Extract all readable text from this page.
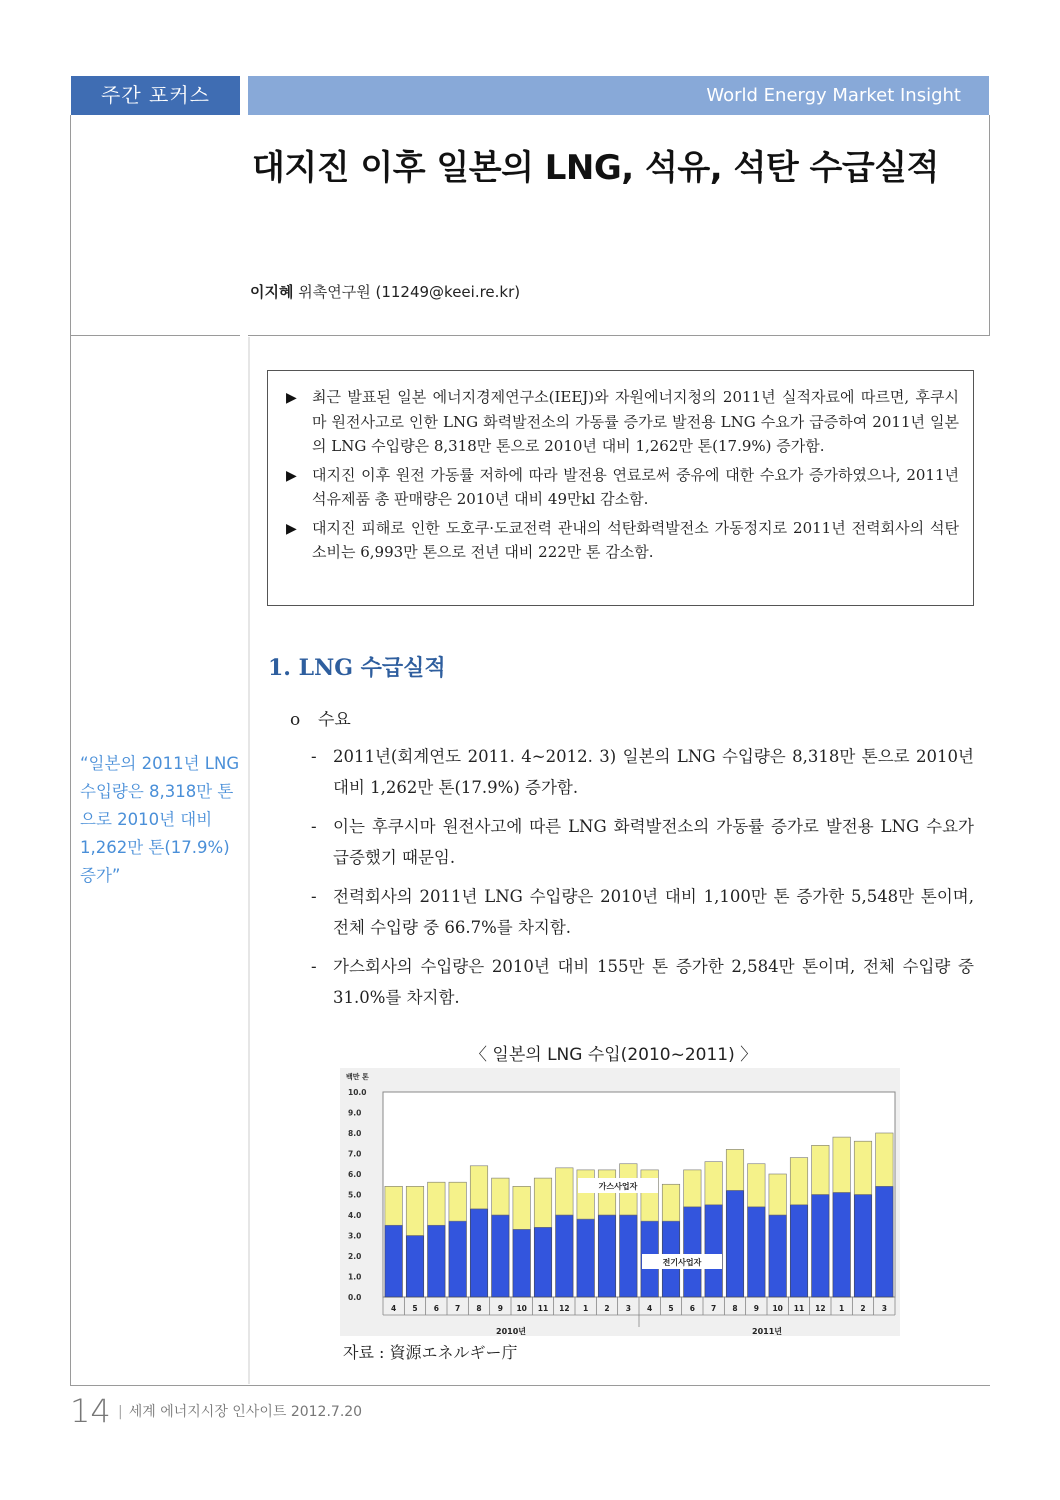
주간 포커스	World Energy Market Insight
대지진 이후 일본의 LNG, 석유, 석탄 수급실적
이지혜 위촉연구원 (11249@keei.re.kr)
▶ 최근 발표된 일본 에너지경제연구소(IEEJ)와 자원에너지청의 2011년 실적자료에 따르면, 후쿠시마 원전사고로 인한 LNG 화력발전소의 가동률 증가로 발전용 LNG 수요가 급증하여 2011년 일본의 LNG 수입량은 8,318만 톤으로 2010년 대비 1,262만 톤(17.9%) 증가함.
▶ 대지진 이후 원전 가동률 저하에 따라 발전용 연료로써 중유에 대한 수요가 증가하였으나, 2011년 석유제품 총 판매량은 2010년 대비 49만kl 감소함.
▶ 대지진 피해로 인한 도호쿠·도쿄전력 관내의 석탄화력발전소 가동정지로 2011년 전력회사의 석탄소비는 6,993만 톤으로 전년 대비 222만 톤 감소함.
1. LNG 수급실적
o 수요
- 2011년(회계연도 2011. 4~2012. 3) 일본의 LNG 수입량은 8,318만 톤으로 2010년 대비 1,262만 톤(17.9%) 증가함.
- 이는 후쿠시마 원전사고에 따른 LNG 화력발전소의 가동률 증가로 발전용 LNG 수요가 급증했기 때문임.
- 전력회사의 2011년 LNG 수입량은 2010년 대비 1,100만 톤 증가한 5,548만 톤이며, 전체 수입량 중 66.7%를 차지함.
- 가스회사의 수입량은 2010년 대비 155만 톤 증가한 2,584만 톤이며, 전체 수입량 중 31.0%를 차지함.
“일본의 2011년 LNG 수입량은 8,318만 톤으로 2010년 대비 1,262만 톤(17.9%) 증가”
〈 일본의 LNG 수입(2010~2011) 〉
백만 톤
10.0
9.0
8.0
7.0
6.0
5.0
4.0
3.0
2.0
1.0
0.0
4 5 6 7 8 9 10 11 12 1 2 3 4 5 6 7 8 9 10 11 12 1 2 3
2010년	2011년
가스사업자
전기사업자
자료 : 資源エネルギー庁
14 | 세계 에너지시장 인사이트 2012.7.20
